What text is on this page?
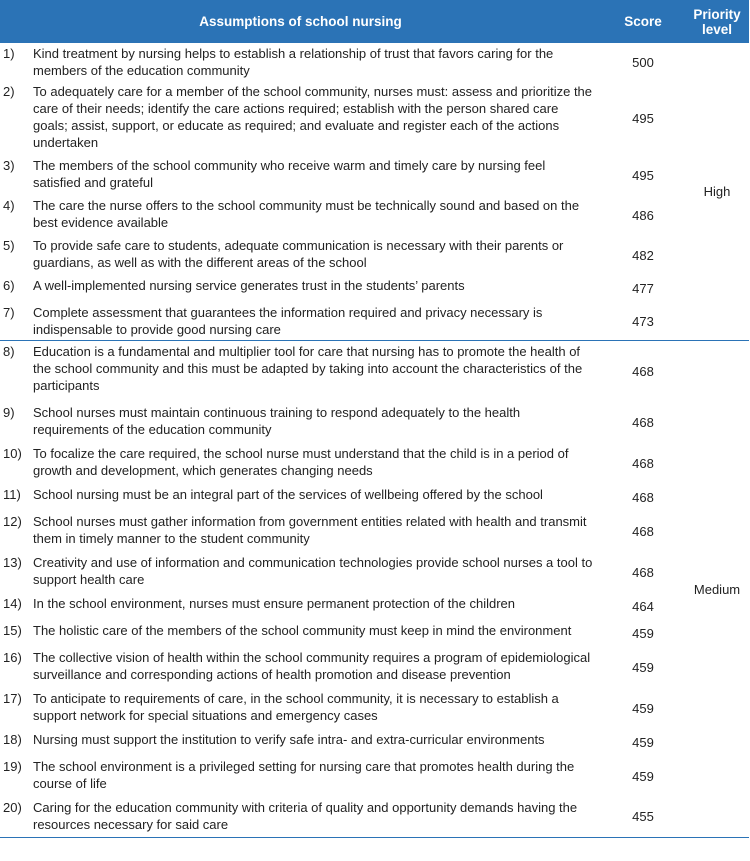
Assumptions of school nursing		Score	Priority level
1)	Kind treatment by nursing helps to establish a relationship of trust that favors caring for the members of the education community	500	High
2)	To adequately care for a member of the school community, nurses must: assess and prioritize the care of their needs; identify the care actions required; establish with the person shared care goals; assist, support, or educate as required; and evaluate and register each of the actions undertaken	495	
3)	The members of the school community who receive warm and timely care by nursing feel satisfied and grateful	495	
4)	The care the nurse offers to the school community must be technically sound and based on the best evidence available	486	
5)	To provide safe care to students, adequate communication is necessary with their parents or guardians, as well as with the different areas of the school	482	
6)	A well-implemented nursing service generates trust in the students’ parents	477	
7)	Complete assessment that guarantees the information required and privacy necessary is indispensable to provide good nursing care	473	
8)	Education is a fundamental and multiplier tool for care that nursing has to promote the health of the school community and this must be adapted by taking into account the characteristics of the participants	468	Medium
9)	School nurses must maintain continuous training to respond adequately to the health requirements of the education community	468	
10)	To focalize the care required, the school nurse must understand that the child is in a period of growth and development, which generates changing needs	468	
11)	School nursing must be an integral part of the services of wellbeing offered by the school	468	
12)	School nurses must gather information from government entities related with health and transmit them in timely manner to the student community	468	
13)	Creativity and use of information and communication technologies provide school nurses a tool to support health care	468	
14)	In the school environment, nurses must ensure permanent protection of the children	464	
15)	The holistic care of the members of the school community must keep in mind the environment	459	
16)	The collective vision of health within the school community requires a program of epidemiological surveillance and corresponding actions of health promotion and disease prevention	459	
17)	To anticipate to requirements of care, in the school community, it is necessary to establish a support network for special situations and emergency cases	459	
18)	Nursing must support the institution to verify safe intra- and extra-curricular environments	459	
19)	The school environment is a privileged setting for nursing care that promotes health during the course of life	459	
20)	Caring for the education community with criteria of quality and opportunity demands having the resources necessary for said care	455	
